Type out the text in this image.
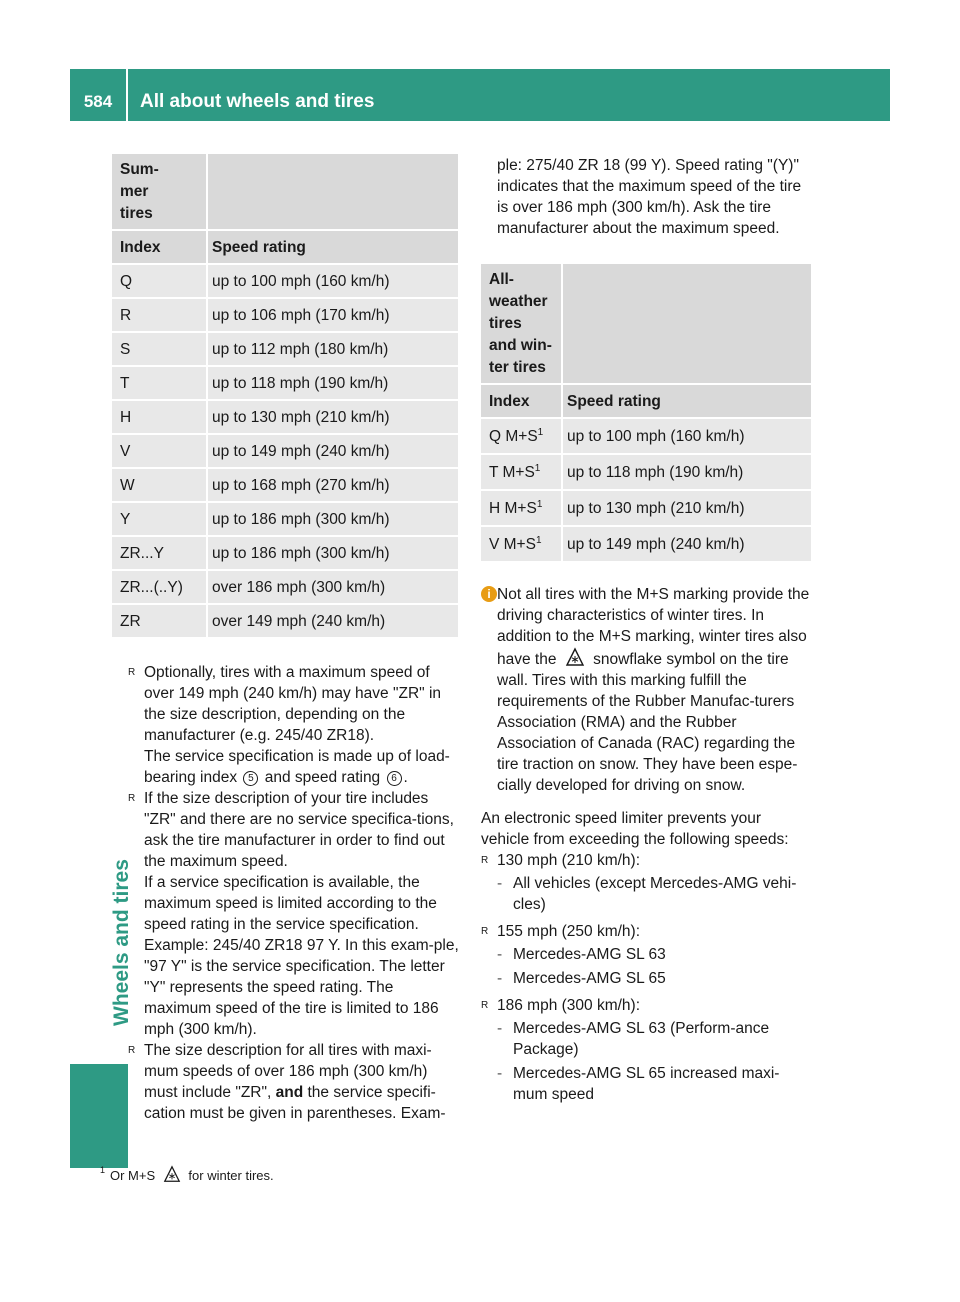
584	All about wheels and tires
Wheels and tires
Sum-
mer
tires	

Index	Speed rating
Q	up to 100 mph (160 km/h)
R	up to 106 mph (170 km/h)
S	up to 112 mph (180 km/h)
T	up to 118 mph (190 km/h)
H	up to 130 mph (210 km/h)
V	up to 149 mph (240 km/h)
W	up to 168 mph (270 km/h)
Y	up to 186 mph (300 km/h)
ZR...Y	up to 186 mph (300 km/h)
ZR...(..Y)	over 186 mph (300 km/h)
ZR	over 149 mph (240 km/h)
R Optionally, tires with a maximum speed of over 149 mph (240 km/h) may have "ZR" in the size description, depending on the manufacturer (e.g. 245/40 ZR18).

The service specification is made up of load-bearing index 5 and speed rating 6 .

R If the size description of your tire includes "ZR" and there are no service specifica-tions, ask the tire manufacturer in order to find out the maximum speed.

If a service specification is available, the maximum speed is limited according to the speed rating in the service specification. Example: 245/40 ZR18 97 Y. In this exam-ple, "97 Y" is the service specification. The letter "Y" represents the speed rating. The maximum speed of the tire is limited to 186 mph (300 km/h).

R The size description for all tires with maxi-mum speeds of over 186 mph (300 km/h) must include "ZR", and the service specifi-cation must be given in parentheses. Exam-

ple: 275/40 ZR 18 (99 Y). Speed rating "(Y)" indicates that the maximum speed of the tire is over 186 mph (300 km/h). Ask the tire manufacturer about the maximum speed.

All-
weather
tires
and win-
ter tires	

Index	Speed rating
Q $M+S^1$	up to 100 mph (160 km/h)
T $M+S^1$	up to 118 mph (190 km/h)
H $M+S^1$	up to 130 mph (210 km/h)
V $M+S^1$	up to 149 mph (240 km/h)
i Not all tires with the M+S marking provide the driving characteristics of winter tires. In addition to the M+S marking, winter tires also have the snowflake symbol on the tire wall. Tires with this marking fulfill the requirements of the Rubber Manufac-turers Association (RMA) and the Rubber Association of Canada (RAC) regarding the tire traction on snow. They have been espe-cially developed for driving on snow.

An electronic speed limiter prevents your vehicle from exceeding the following speeds:

R 130 mph (210 km/h):
- All vehicles (except Mercedes-AMG vehi-cles)
R 155 mph (250 km/h):
- Mercedes-AMG SL 63
- Mercedes-AMG SL 65
R 186 mph (300 km/h):
- Mercedes-AMG SL 63 (Perform-ance Package)
- Mercedes-AMG SL 65 increased maxi-mum speed
1 Or M+S	for winter tires.
